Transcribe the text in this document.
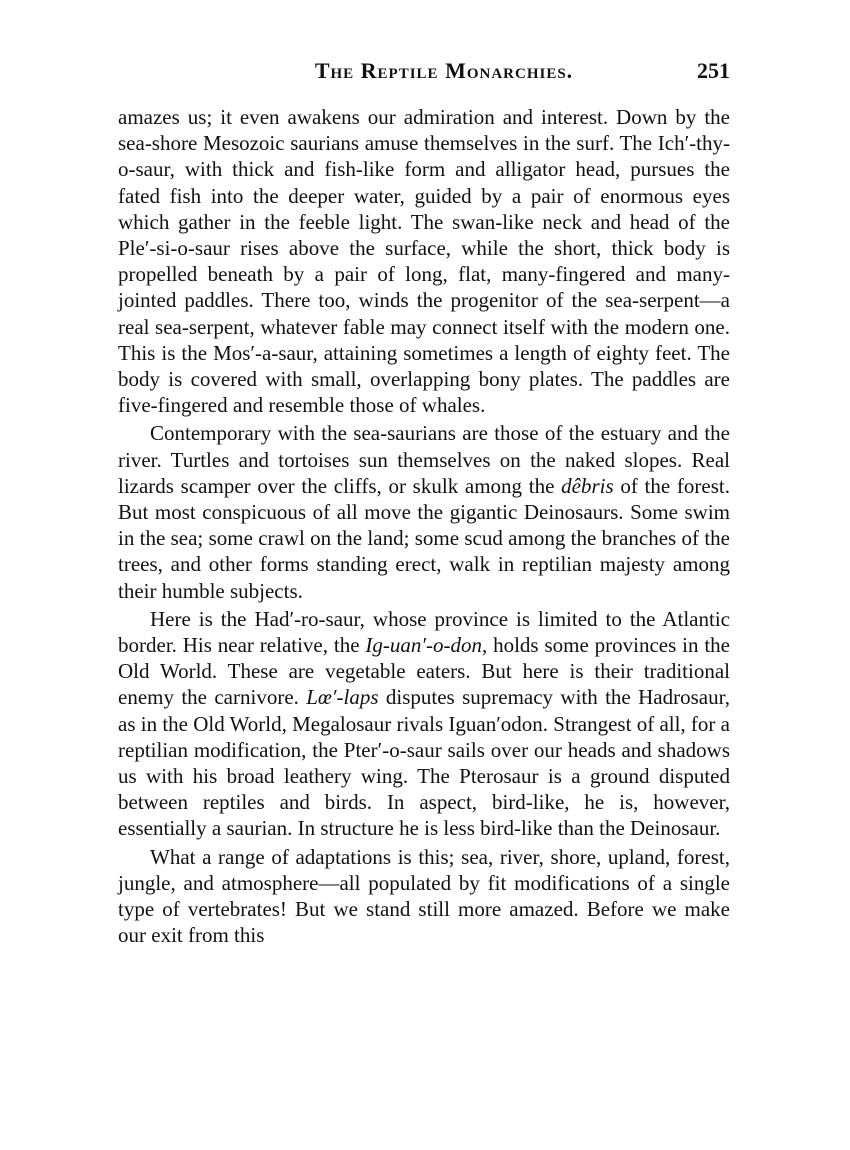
The Reptile Monarchies.	251

amazes us; it even awakens our admiration and interest. Down by the sea-shore Mesozoic saurians amuse themselves in the surf. The Ich′-thy-o-saur, with thick and fish-like form and alligator head, pursues the fated fish into the deeper water, guided by a pair of enormous eyes which gather in the feeble light. The swan-like neck and head of the Ple′-si-o-saur rises above the surface, while the short, thick body is propelled beneath by a pair of long, flat, many-fingered and many-jointed paddles. There too, winds the progenitor of the sea-serpent—a real sea-serpent, whatever fable may connect itself with the modern one. This is the Mos′-a-saur, attaining sometimes a length of eighty feet. The body is covered with small, overlapping bony plates. The paddles are five-fingered and resemble those of whales.

Contemporary with the sea-saurians are those of the estuary and the river. Turtles and tortoises sun themselves on the naked slopes. Real lizards scamper over the cliffs, or skulk among the dêbris of the forest. But most conspicuous of all move the gigantic Deinosaurs. Some swim in the sea; some crawl on the land; some scud among the branches of the trees, and other forms standing erect, walk in reptilian majesty among their humble subjects.

Here is the Had′-ro-saur, whose province is limited to the Atlantic border. His near relative, the Ig-uan′-o-don, holds some provinces in the Old World. These are vegetable eaters. But here is their traditional enemy the carnivore. Lœ′-laps disputes supremacy with the Hadrosaur, as in the Old World, Megalosaur rivals Iguan′odon. Strangest of all, for a reptilian modification, the Pter′-o-saur sails over our heads and shadows us with his broad leathery wing. The Pterosaur is a ground disputed between reptiles and birds. In aspect, bird-like, he is, however, essentially a saurian. In structure he is less bird-like than the Deinosaur.

What a range of adaptations is this; sea, river, shore, upland, forest, jungle, and atmosphere—all populated by fit modifications of a single type of vertebrates! But we stand still more amazed. Before we make our exit from this
